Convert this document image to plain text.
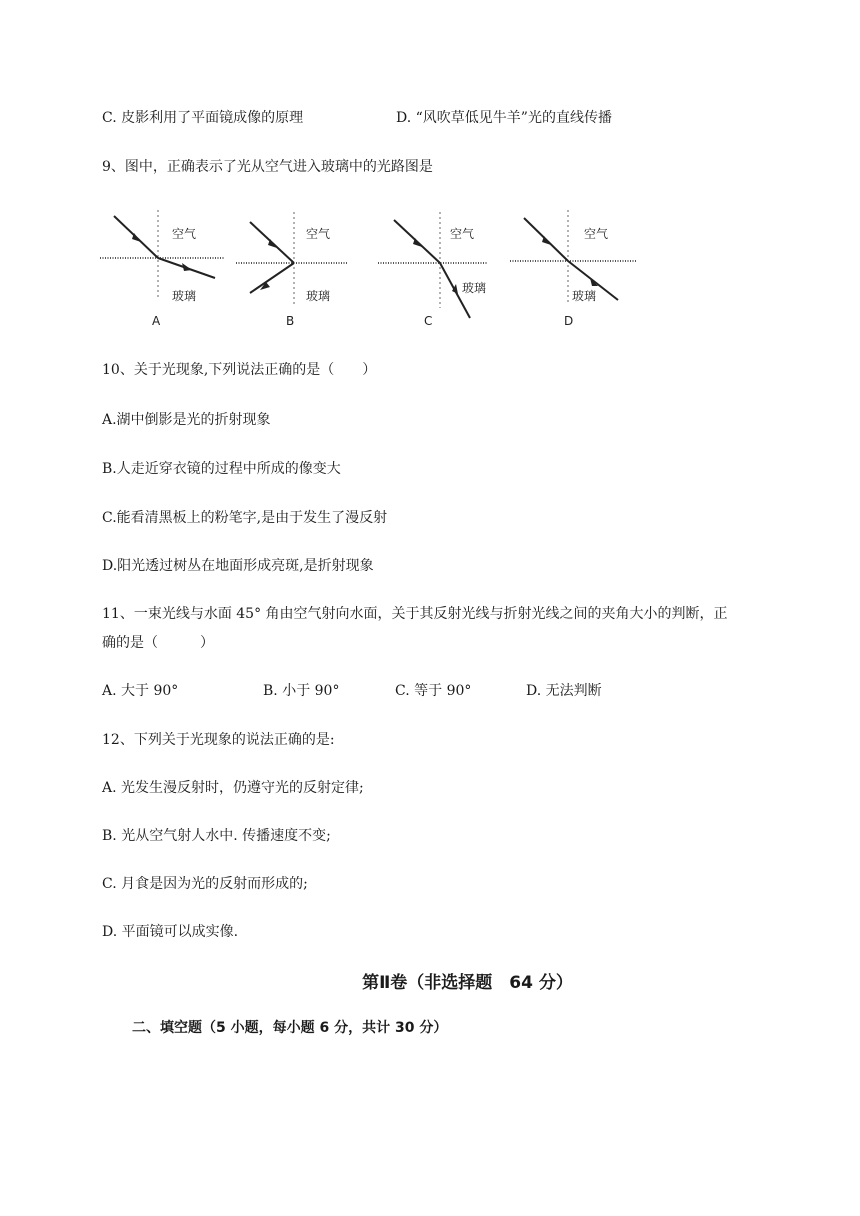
C. 皮影利用了平面镜成像的原理	D. “风吹草低见牛羊”光的直线传播
9、图中，正确表示了光从空气进入玻璃中的光路图是
空气
玻璃
A
空气
玻璃
B
空气
玻璃
C
空气
玻璃
D
10、关于光现象,下列说法正确的是（　　）
A.湖中倒影是光的折射现象
B.人走近穿衣镜的过程中所成的像变大
C.能看清黑板上的粉笔字,是由于发生了漫反射
D.阳光透过树丛在地面形成亮斑,是折射现象
11、一束光线与水面 45° 角由空气射向水面，关于其反射光线与折射光线之间的夹角大小的判断，正
确的是（　　　）
A. 大于 90°	B. 小于 90°	C. 等于 90°	D. 无法判断
12、下列关于光现象的说法正确的是:
A. 光发生漫反射时，仍遵守光的反射定律;
B. 光从空气射人水中. 传播速度不变;
C. 月食是因为光的反射而形成的;
D. 平面镜可以成实像.
第Ⅱ卷（非选择题　64 分）
二、填空题（5 小题，每小题 6 分，共计 30 分）
